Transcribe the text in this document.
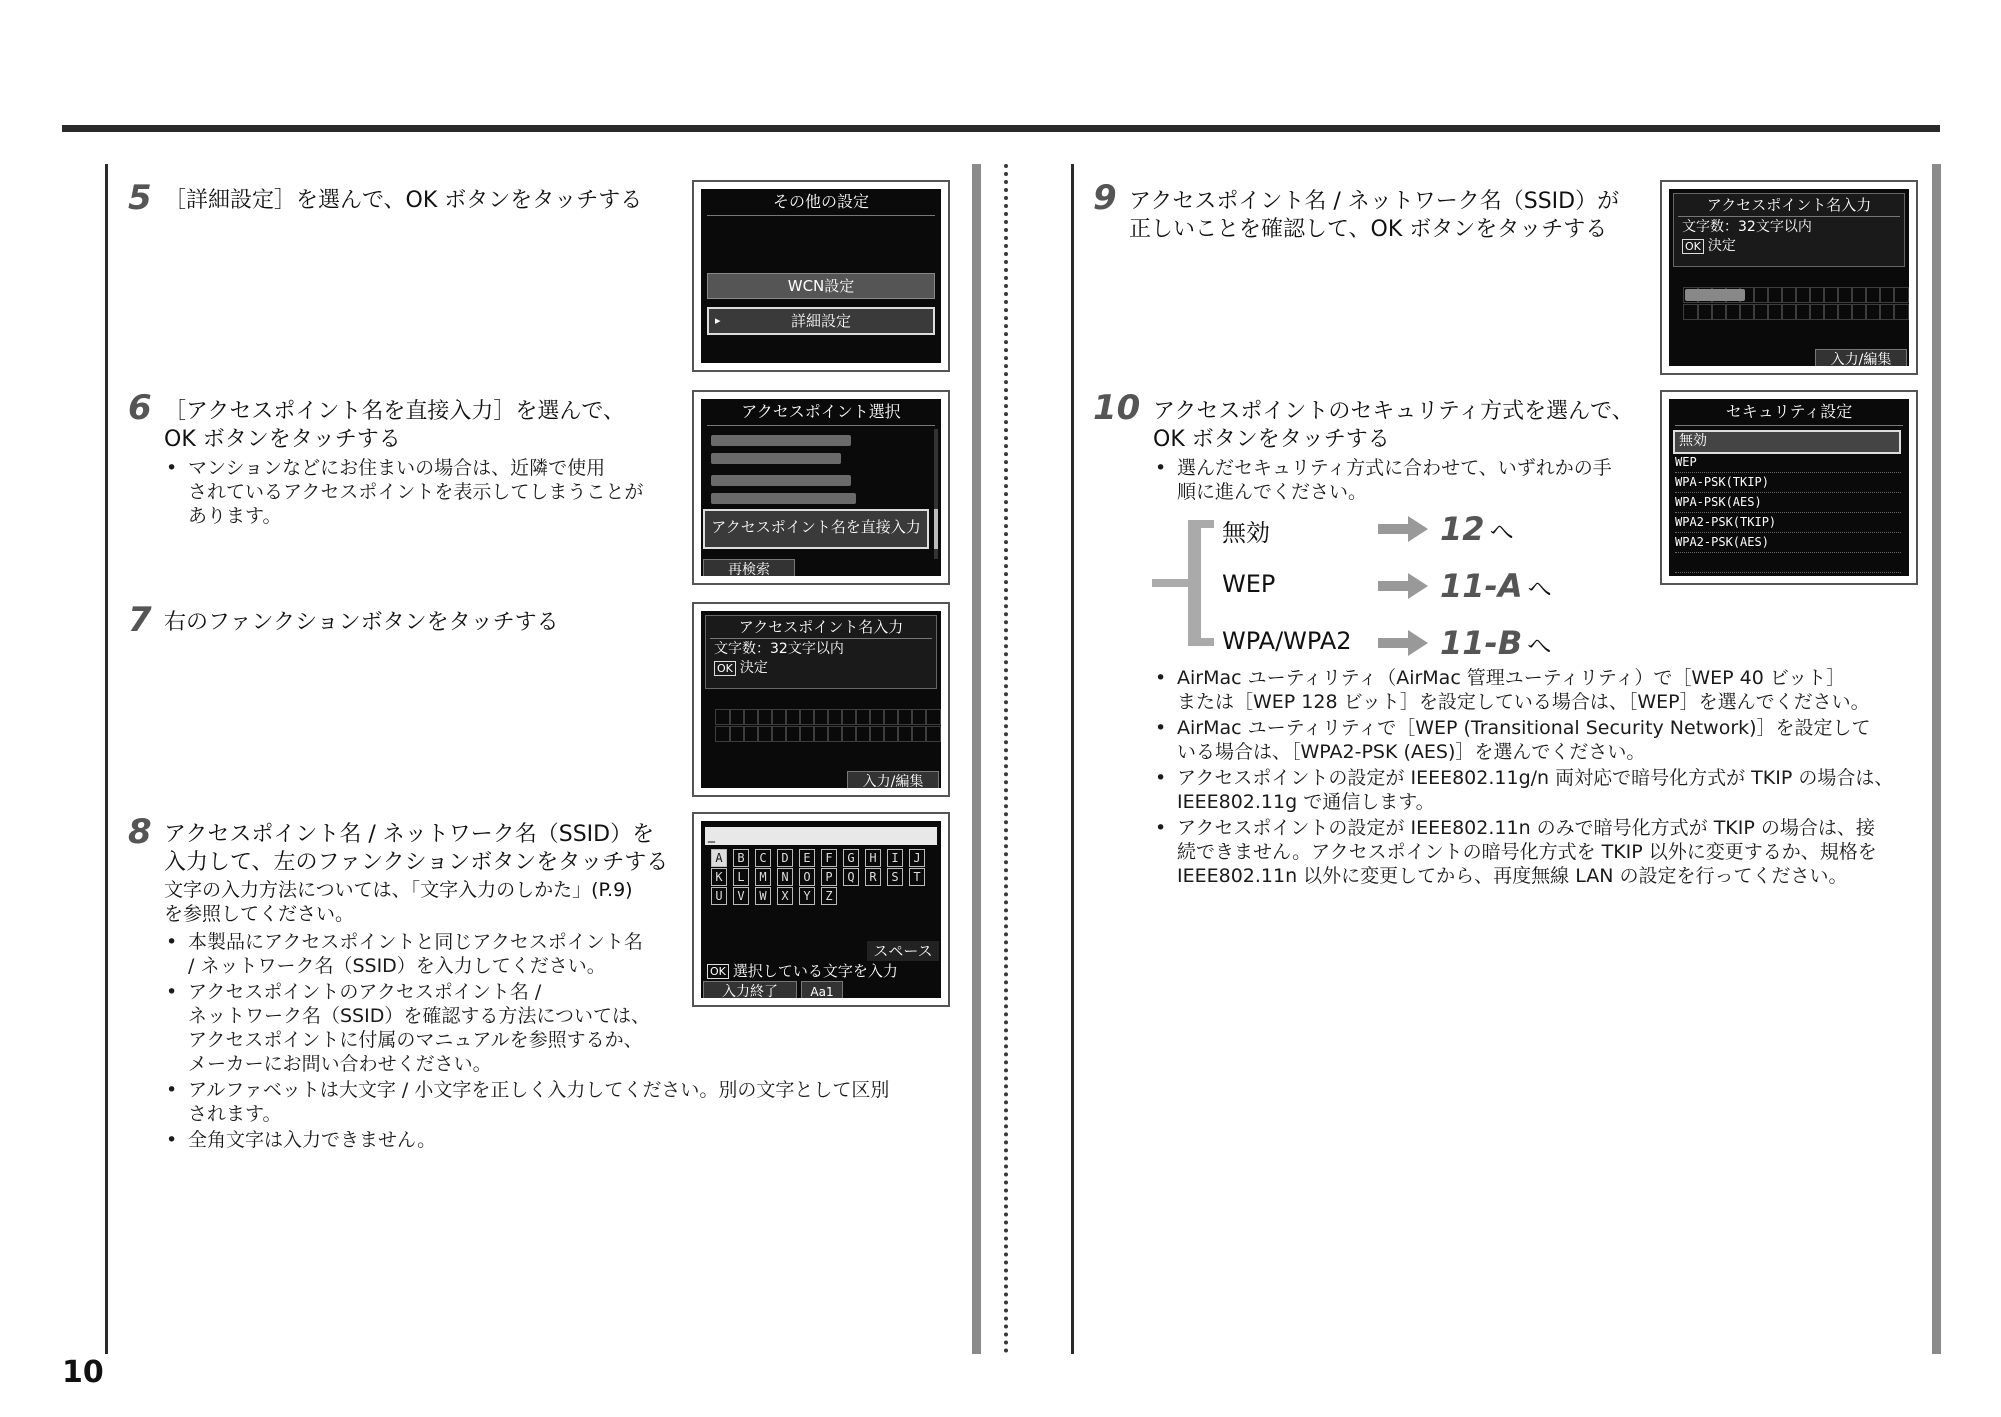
10
5 ［詳細設定］を選んで、OK ボタンをタッチする	その他の設定
WCN設定
▸	詳細設定
6 ［アクセスポイント名を直接入力］を選んで、
OK ボタンをタッチする
• マンションなどにお住まいの場合は、近隣で使用
されているアクセスポイントを表示してしまうことが
あります。
アクセスポイント選択
アクセスポイント名を直接入力
再検索
7 右のファンクションボタンをタッチする	アクセスポイント名入力
文字数：32文字以内
OK 決定
入力/編集
8 アクセスポイント名 / ネットワーク名（SSID）を
入力して、左のファンクションボタンをタッチする
文字の入力方法については、「文字入力のしかた」(P.9)
を参照してください。
• 本製品にアクセスポイントと同じアクセスポイント名
/ ネットワーク名（SSID）を入力してください。
• アクセスポイントのアクセスポイント名 /
ネットワーク名（SSID）を確認する方法については、
アクセスポイントに付属のマニュアルを参照するか、
メーカーにお問い合わせください。
• アルファベットは大文字 / 小文字を正しく入力してください。別の文字として区別
されます。
• 全角文字は入力できません。
_
A	B	C	D	E	F	G	H	I	J
K	L	M	N	O	P	Q	R	S	T
U	V	W	X	Y	Z
スペース
OK 選択している文字を入力
入力終了	Aa1
9 アクセスポイント名 / ネットワーク名（SSID）が
正しいことを確認して、OK ボタンをタッチする
アクセスポイント名入力
文字数：32文字以内
OK 決定
入力/編集
10 アクセスポイントのセキュリティ方式を選んで、
OK ボタンをタッチする
• 選んだセキュリティ方式に合わせて、いずれかの手
順に進んでください。
無効
WEP
WPA/WPA2
12 へ
11-A へ
11-B へ
• AirMac ユーティリティ（AirMac 管理ユーティリティ）で［WEP 40 ビット］
または［WEP 128 ビット］を設定している場合は、［WEP］を選んでください。
• AirMac ユーティリティで［WEP (Transitional Security Network)］を設定して
いる場合は、［WPA2-PSK (AES)］を選んでください。
• アクセスポイントの設定が IEEE802.11g/n 両対応で暗号化方式が TKIP の場合は、
IEEE802.11g で通信します。
• アクセスポイントの設定が IEEE802.11n のみで暗号化方式が TKIP の場合は、接
続できません。アクセスポイントの暗号化方式を TKIP 以外に変更するか、規格を
IEEE802.11n 以外に変更してから、再度無線 LAN の設定を行ってください。
セキュリティ設定
無効
WEP
WPA-PSK(TKIP)
WPA-PSK(AES)
WPA2-PSK(TKIP)
WPA2-PSK(AES)
